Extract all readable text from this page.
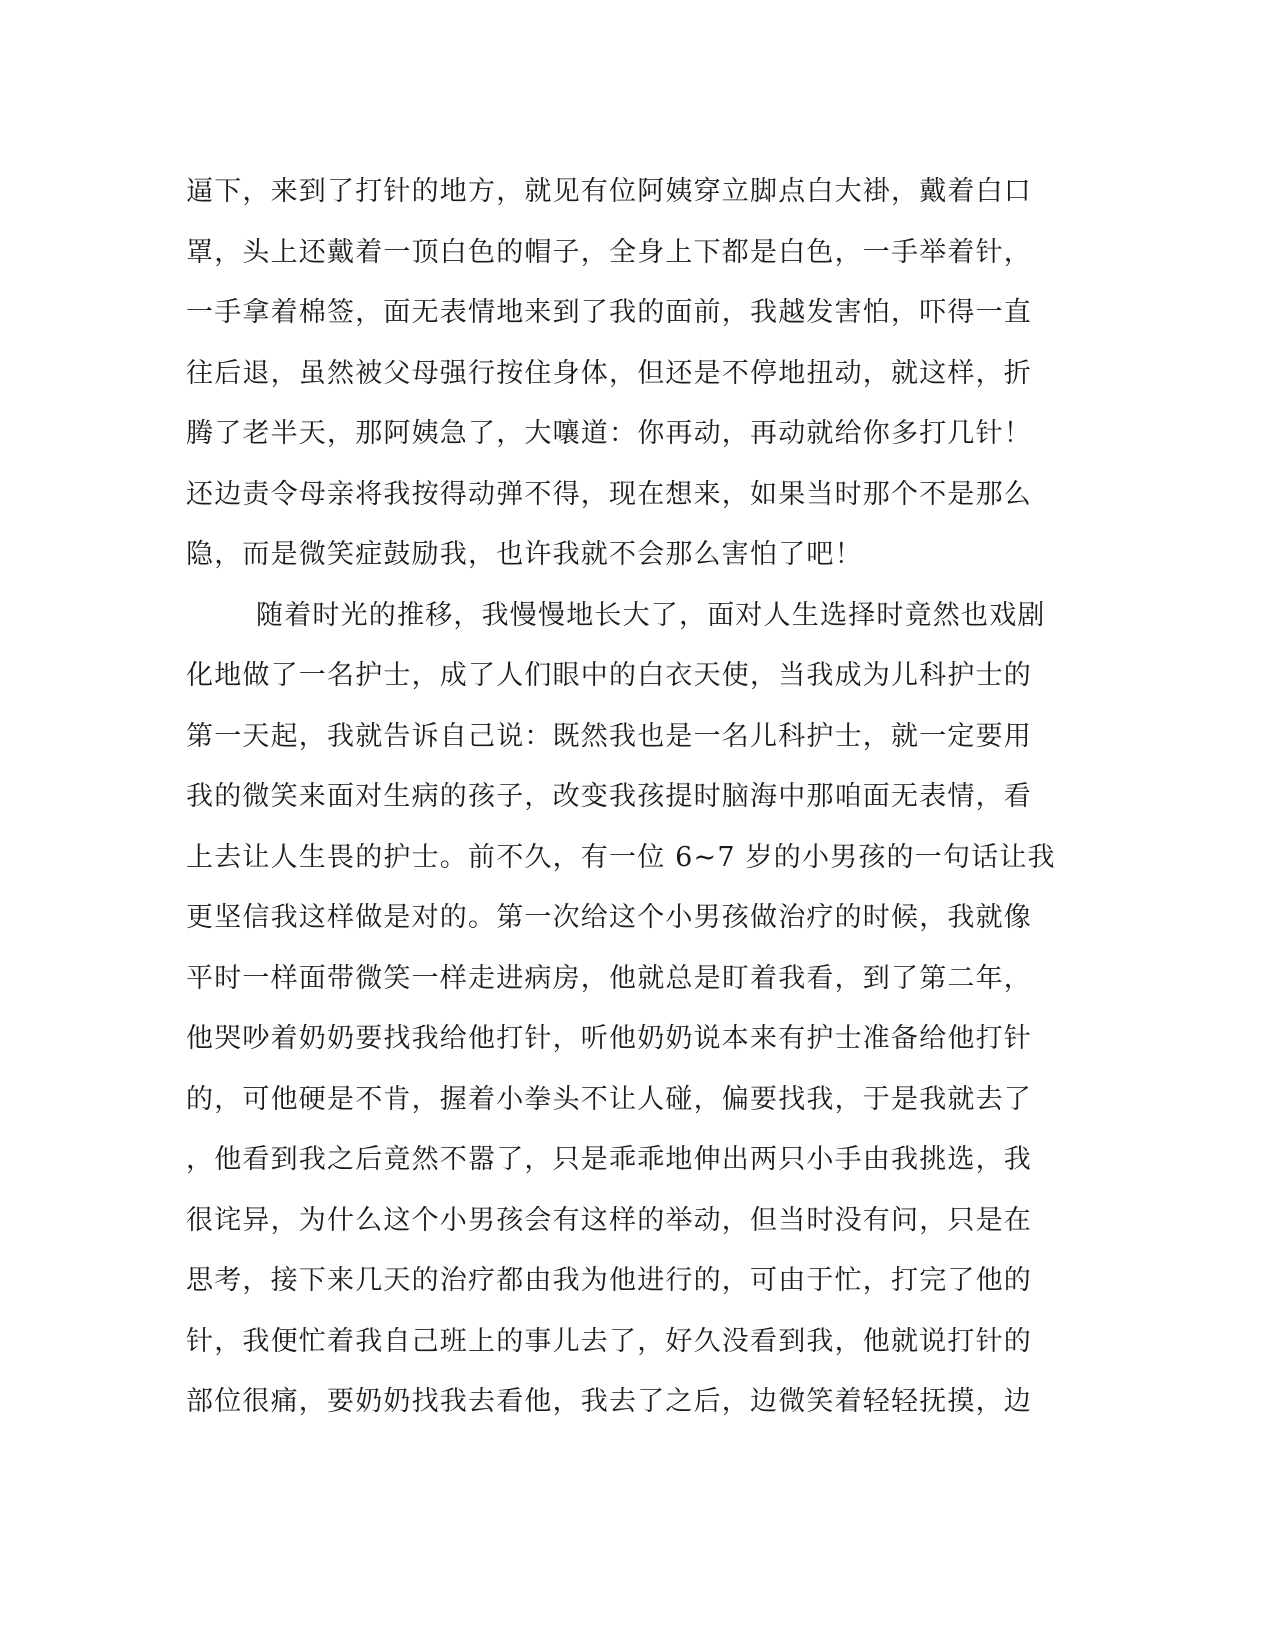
逼下，来到了打针的地方，就见有位阿姨穿立脚点白大褂，戴着白口
罩，头上还戴着一顶白色的帽子，全身上下都是白色，一手举着针，
一手拿着棉签，面无表情地来到了我的面前，我越发害怕，吓得一直
往后退，虽然被父母强行按住身体，但还是不停地扭动，就这样，折
腾了老半天，那阿姨急了，大嚷道：你再动，再动就给你多打几针！
还边责令母亲将我按得动弹不得，现在想来，如果当时那个不是那么
隐，而是微笑症鼓励我，也许我就不会那么害怕了吧！
随着时光的推移，我慢慢地长大了，面对人生选择时竟然也戏剧
化地做了一名护士，成了人们眼中的白衣天使，当我成为儿科护士的
第一天起，我就告诉自己说：既然我也是一名儿科护士，就一定要用
我的微笑来面对生病的孩子，改变我孩提时脑海中那咱面无表情，看
上去让人生畏的护士。前不久，有一位 6~7 岁的小男孩的一句话让我
更坚信我这样做是对的。第一次给这个小男孩做治疗的时候，我就像
平时一样面带微笑一样走进病房，他就总是盯着我看，到了第二年，
他哭吵着奶奶要找我给他打针，听他奶奶说本来有护士准备给他打针
的，可他硬是不肯，握着小拳头不让人碰，偏要找我，于是我就去了
，他看到我之后竟然不嚣了，只是乖乖地伸出两只小手由我挑选，我
很诧异，为什么这个小男孩会有这样的举动，但当时没有问，只是在
思考，接下来几天的治疗都由我为他进行的，可由于忙，打完了他的
针，我便忙着我自己班上的事儿去了，好久没看到我，他就说打针的
部位很痛，要奶奶找我去看他，我去了之后，边微笑着轻轻抚摸，边
